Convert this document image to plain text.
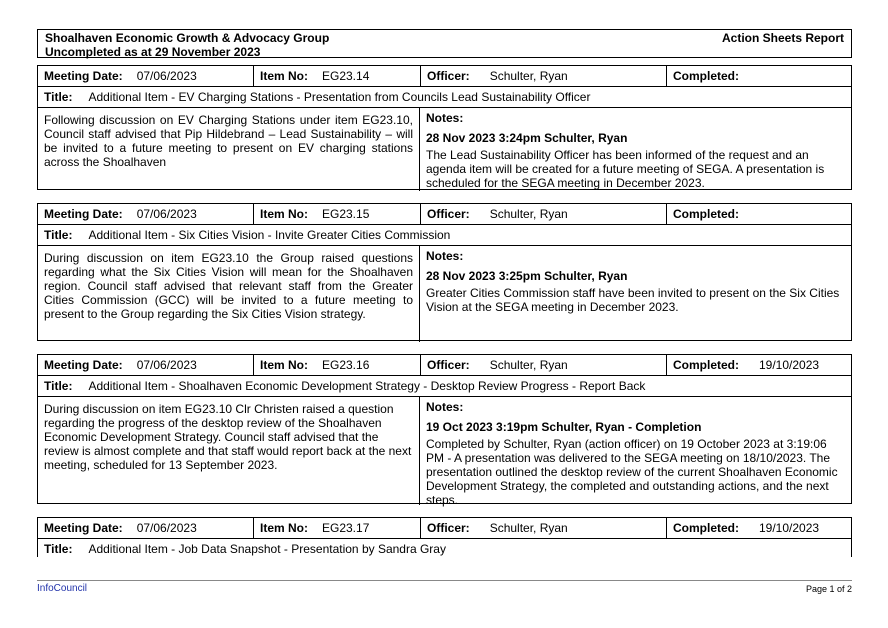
Shoalhaven Economic Growth & Advocacy Group
Uncompleted as at 29 November 2023
Action Sheets Report
Meeting Date: 07/06/2023	Item No: EG23.14	Officer: Schulter, Ryan	Completed:
Title: Additional Item - EV Charging Stations - Presentation from Councils Lead Sustainability Officer
Following discussion on EV Charging Stations under item EG23.10, Council staff advised that Pip Hildebrand – Lead Sustainability – will be invited to a future meeting to present on EV charging stations across the Shoalhaven
Notes:
28 Nov 2023 3:24pm Schulter, Ryan
The Lead Sustainability Officer has been informed of the request and an agenda item will be created for a future meeting of SEGA. A presentation is scheduled for the SEGA meeting in December 2023.
Meeting Date: 07/06/2023	Item No: EG23.15	Officer: Schulter, Ryan	Completed:
Title: Additional Item - Six Cities Vision - Invite Greater Cities Commission
During discussion on item EG23.10 the Group raised questions regarding what the Six Cities Vision will mean for the Shoalhaven region. Council staff advised that relevant staff from the Greater Cities Commission (GCC) will be invited to a future meeting to present to the Group regarding the Six Cities Vision strategy.
Notes:
28 Nov 2023 3:25pm Schulter, Ryan
Greater Cities Commission staff have been invited to present on the Six Cities Vision at the SEGA meeting in December 2023.
Meeting Date: 07/06/2023	Item No: EG23.16	Officer: Schulter, Ryan	Completed: 19/10/2023
Title: Additional Item - Shoalhaven Economic Development Strategy - Desktop Review Progress - Report Back
During discussion on item EG23.10 Clr Christen raised a question regarding the progress of the desktop review of the Shoalhaven Economic Development Strategy. Council staff advised that the review is almost complete and that staff would report back at the next meeting, scheduled for 13 September 2023.
Notes:
19 Oct 2023 3:19pm Schulter, Ryan - Completion
Completed by Schulter, Ryan (action officer) on 19 October 2023 at 3:19:06 PM - A presentation was delivered to the SEGA meeting on 18/10/2023. The presentation outlined the desktop review of the current Shoalhaven Economic Development Strategy, the completed and outstanding actions, and the next steps.
Meeting Date: 07/06/2023	Item No: EG23.17	Officer: Schulter, Ryan	Completed: 19/10/2023
Title: Additional Item - Job Data Snapshot - Presentation by Sandra Gray
InfoCouncil	Page 1 of 2
